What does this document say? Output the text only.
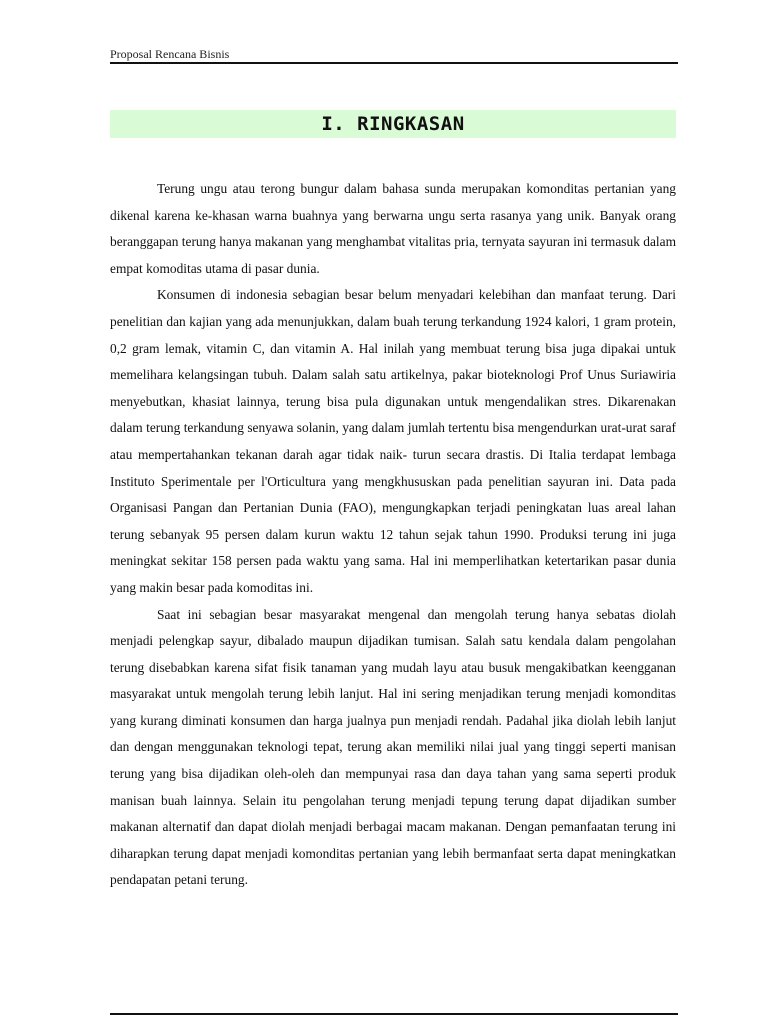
Proposal Rencana Bisnis
I. RINGKASAN

Terung ungu atau terong bungur dalam bahasa sunda merupakan komonditas pertanian yang dikenal karena ke-khasan warna buahnya yang berwarna ungu serta rasanya yang unik. Banyak orang beranggapan terung hanya makanan yang menghambat vitalitas pria, ternyata sayuran ini termasuk dalam empat komoditas utama di pasar dunia.

Konsumen di indonesia sebagian besar belum menyadari kelebihan dan manfaat terung. Dari penelitian dan kajian yang ada menunjukkan, dalam buah terung terkandung 1924 kalori, 1 gram protein, 0,2 gram lemak, vitamin C, dan vitamin A. Hal inilah yang membuat terung bisa juga dipakai untuk memelihara kelangsingan tubuh. Dalam salah satu artikelnya, pakar bioteknologi Prof Unus Suriawiria menyebutkan, khasiat lainnya, terung bisa pula digunakan untuk mengendalikan stres. Dikarenakan dalam terung terkandung senyawa solanin, yang dalam jumlah tertentu bisa mengendurkan urat-urat saraf atau mempertahankan tekanan darah agar tidak naik- turun secara drastis. Di Italia terdapat lembaga Instituto Sperimentale per l'Orticultura yang mengkhususkan pada penelitian sayuran ini. Data pada Organisasi Pangan dan Pertanian Dunia (FAO), mengungkapkan terjadi peningkatan luas areal lahan terung sebanyak 95 persen dalam kurun waktu 12 tahun sejak tahun 1990. Produksi terung ini juga meningkat sekitar 158 persen pada waktu yang sama. Hal ini memperlihatkan ketertarikan pasar dunia yang makin besar pada komoditas ini.

Saat ini sebagian besar masyarakat mengenal dan mengolah terung hanya sebatas diolah menjadi pelengkap sayur, dibalado maupun dijadikan tumisan. Salah satu kendala dalam pengolahan terung disebabkan karena sifat fisik tanaman yang mudah layu atau busuk mengakibatkan keengganan masyarakat untuk mengolah terung lebih lanjut. Hal ini sering menjadikan terung menjadi komonditas yang kurang diminati konsumen dan harga jualnya pun menjadi rendah. Padahal jika diolah lebih lanjut dan dengan menggunakan teknologi tepat, terung akan memiliki nilai jual yang tinggi seperti manisan terung yang bisa dijadikan oleh-oleh dan mempunyai rasa dan daya tahan yang sama seperti produk manisan buah lainnya. Selain itu pengolahan terung menjadi tepung terung dapat dijadikan sumber makanan alternatif dan dapat diolah menjadi berbagai macam makanan. Dengan pemanfaatan terung ini diharapkan terung dapat menjadi komonditas pertanian yang lebih bermanfaat serta dapat meningkatkan pendapatan petani terung.
